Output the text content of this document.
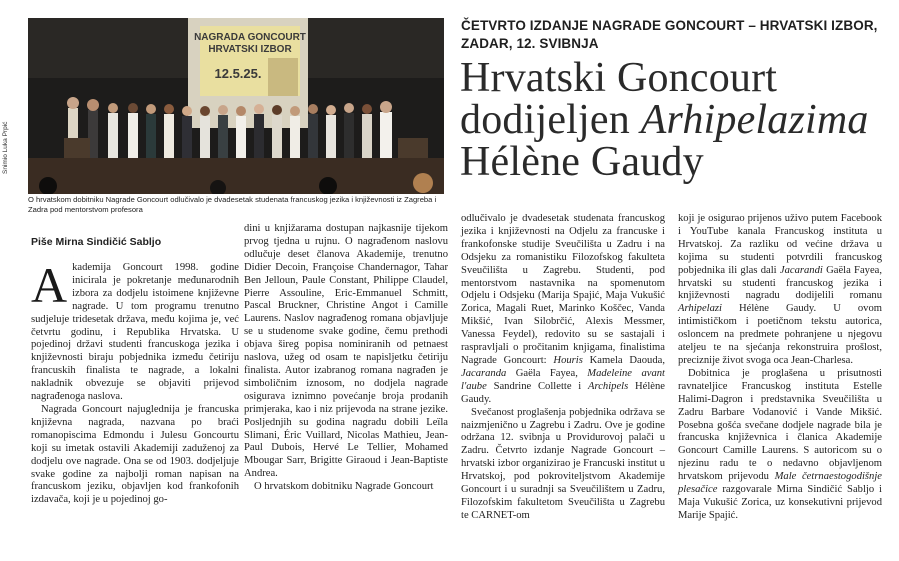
Snimio Luka Prpić
NAGRADA GONCOURT
HRVATSKI IZBOR
12.5.25.
O hrvatskom dobitniku Nagrade Goncourt odlučivalo je dvadesetak studenata francuskog jezika i književnosti iz Zagreba i Zadra pod mentorstvom profesora
ČETVRTO IZDANJE NAGRADE GONCOURT – HRVATSKI IZBOR, ZADAR, 12. SVIBNJA
Hrvatski Goncourt
dodijeljen Arhipelazima
Hélène Gaudy
Piše Mirna Sindičić Sabljo

Akademija Goncourt 1998. godine inicirala je pokretanje međunarodnih izbora za dodjelu istoimene književne nagrade. U tom programu trenutno sudjeluje tridesetak država, među kojima je, već četvrtu godinu, i Republika Hrvatska. U pojedinoj državi studenti francuskoga jezika i književnosti biraju pobjednika između četiriju francuskih finalista te nagrade, a lokalni nakladnik obvezuje se objaviti prijevod nagrađenoga naslova.

Nagrada Goncourt najuglednija je francuska književna nagrada, nazvana po braći romanopiscima Edmondu i Julesu Goncourtu koji su imetak ostavili Akademiji zaduženoj za dodjelu ove nagrade. Ona se od 1903. dodjeljuje svake godine za najbolji roman napisan na francuskom jeziku, objavljen kod frankofonih izdavača, koji je u pojedinoj go-

dini u knjižarama dostupan najkasnije tijekom prvog tjedna u rujnu. O nagrađenom naslovu odlučuje deset članova Akademije, trenutno Didier Decoin, Françoise Chandernagor, Tahar Ben Jelloun, Paule Constant, Philippe Claudel, Pierre Assouline, Eric-Emmanuel Schmitt, Pascal Bruckner, Christine Angot i Camille Laurens. Naslov nagrađenog romana objavljuje se u studenome svake godine, čemu prethodi objava šireg popisa nominiranih od petnaest naslova, užeg od osam te napisljetku četiriju finalista. Autor izabranog romana nagrađen je simboličnim iznosom, no dodjela nagrade osigurava iznimno povećanje broja prodanih primjeraka, kao i niz prijevoda na strane jezike. Posljednjih su godina nagradu dobili Leïla Slimani, Éric Vuillard, Nicolas Mathieu, Jean-Paul Dubois, Hervé Le Tellier, Mohamed Mbougar Sarr, Brigitte Giraoud i Jean-Baptiste Andrea.

O hrvatskom dobitniku Nagrade Goncourt

odlučivalo je dvadesetak studenata francuskog jezika i književnosti na Odjelu za francuske i frankofonske studije Sveučilišta u Zadru i na Odsjeku za romanistiku Filozofskog fakulteta Sveučilišta u Zagrebu. Studenti, pod mentorstvom nastavnika na spomenutom Odjelu i Odsjeku (Marija Spajić, Maja Vukušić Zorica, Magali Ruet, Marinko Koščec, Vanda Mikšić, Ivan Silobrčić, Alexis Messmer, Vanessa Feydel), redovito su se sastajali i raspravljali o pročitanim knjigama, finalistima Nagrade Goncourt: Houris Kamela Daouda, Jacaranda Gaëla Fayea, Madeleine avant l'aube Sandrine Collette i Archipels Hélène Gaudy.

Svečanost proglašenja pobjednika održava se naizmjenično u Zagrebu i Zadru. Ove je godine održana 12. svibnja u Providurovoj palači u Zadru. Četvrto izdanje Nagrade Goncourt – hrvatski izbor organizirao je Francuski institut u Hrvatskoj, pod pokroviteljstvom Akademije Goncourt i u suradnji sa Sveučilištem u Zadru, Filozofskim fakultetom Sveučilišta u Zagrebu te CARNET-om

koji je osigurao prijenos uživo putem Facebook i YouTube kanala Francuskog instituta u Hrvatskoj. Za razliku od većine država u kojima su studenti potvrdili francuskog pobjednika ili glas dali Jacarandi Gaëla Fayea, hrvatski su studenti francuskog jezika i književnosti nagradu dodijelili romanu Arhipelazi Hélène Gaudy. U ovom intimističkom i poetičnom tekstu autorica, osloncem na predmete pohranjene u njegovu ateljeu te na sjećanja rekonstruira prošlost, preciznije život svoga oca Jean-Charlesa.

Dobitnica je proglašena u prisutnosti ravnateljice Francuskog instituta Estelle Halimi-Dagron i predstavnika Sveučilišta u Zadru Barbare Vodanović i Vande Mikšić. Posebna gošća svečane dodjele nagrade bila je francuska književnica i članica Akademije Goncourt Camille Laurens. S autoricom su o njezinu radu te o nedavno objavljenom hrvatskom prijevodu Male četrnaestogodišnje plesačice razgovarale Mirna Sindičić Sabljo i Maja Vukušić Zorica, uz konsekutivni prijevod Marije Spajić.
